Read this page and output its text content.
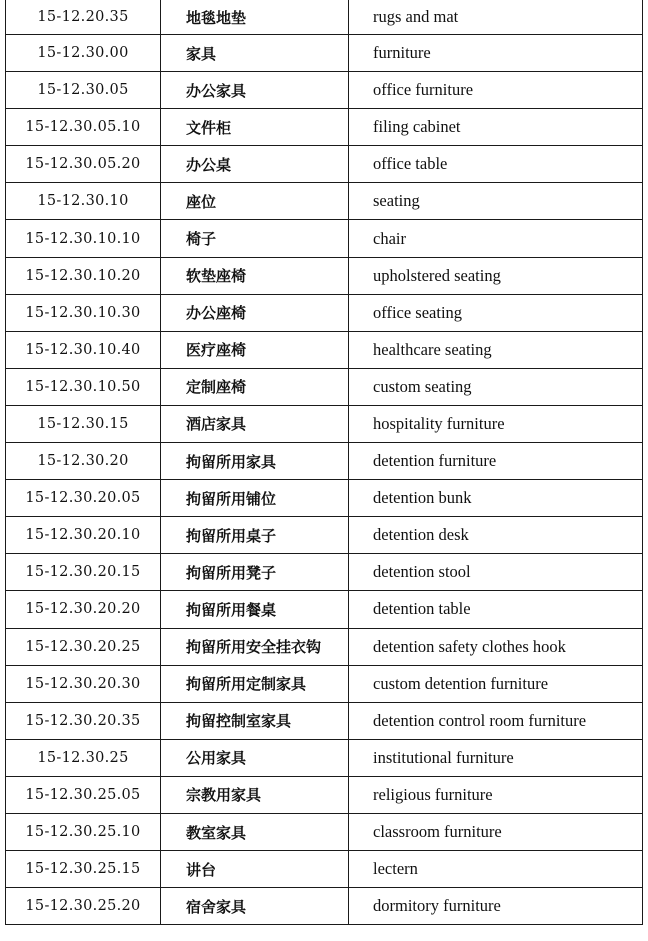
15-12.20.35	地毯地垫	rugs and mat
15-12.30.00	家具	furniture
15-12.30.05	办公家具	office furniture
15-12.30.05.10	文件柜	filing cabinet
15-12.30.05.20	办公桌	office table
15-12.30.10	座位	seating
15-12.30.10.10	椅子	chair
15-12.30.10.20	软垫座椅	upholstered seating
15-12.30.10.30	办公座椅	office seating
15-12.30.10.40	医疗座椅	healthcare seating
15-12.30.10.50	定制座椅	custom seating
15-12.30.15	酒店家具	hospitality furniture
15-12.30.20	拘留所用家具	detention furniture
15-12.30.20.05	拘留所用铺位	detention bunk
15-12.30.20.10	拘留所用桌子	detention desk
15-12.30.20.15	拘留所用凳子	detention stool
15-12.30.20.20	拘留所用餐桌	detention table
15-12.30.20.25	拘留所用安全挂衣钩	detention safety clothes hook
15-12.30.20.30	拘留所用定制家具	custom detention furniture
15-12.30.20.35	拘留控制室家具	detention control room furniture
15-12.30.25	公用家具	institutional furniture
15-12.30.25.05	宗教用家具	religious furniture
15-12.30.25.10	教室家具	classroom furniture
15-12.30.25.15	讲台	lectern
15-12.30.25.20	宿舍家具	dormitory furniture
